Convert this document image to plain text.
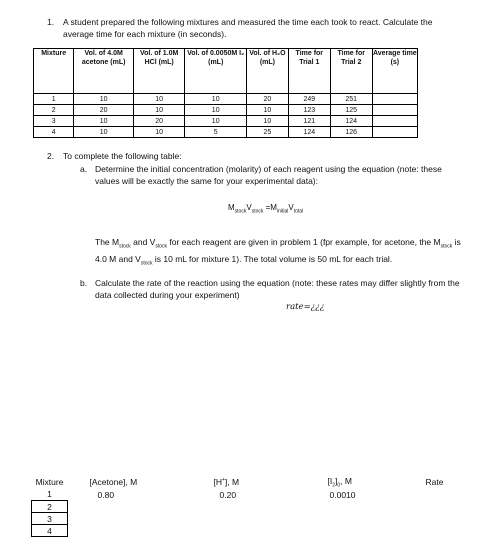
1.	A student prepared the following mixtures and measured the time each took to react. Calculate the average time for each mixture (in seconds).
Mixture	Vol. of 4.0M acetone (mL)	Vol. of 1.0M HCl (mL)	Vol. of 0.0050M I₂ (mL)	Vol. of H₂O (mL)	Time for Trial 1	Time for Trial 2	Average time (s)
1	10	10	10	20	249	251	
2	20	10	10	10	123	125	
3	10	20	10	10	121	124	
4	10	10	5	25	124	126	
2.	To complete the following table:
a. Determine the initial concentration (molarity) of each reagent using the equation (note: these values will be exactly the same for your experimental data):
$M_{stock}V_{stock} =M_{initial}V_{total}$
The $M_{stock}$ and $V_{stock}$ for each reagent are given in problem 1 (fpr example, for acetone, the $M_{stock}$ is 4.0 M and $V_{stock}$ is 10 mL for mixture 1). The total volume is 50 mL for each trial.
b. Calculate the rate of the reaction using the equation (note: these rates may differ slightly from the data collected during your experiment)
rate=¿¿¿
Mixture	[Acetone], M	[H+], M	$[I_2]_0$, M	Rate
1	0.80	0.20	0.0010	
2				
3				
4				
